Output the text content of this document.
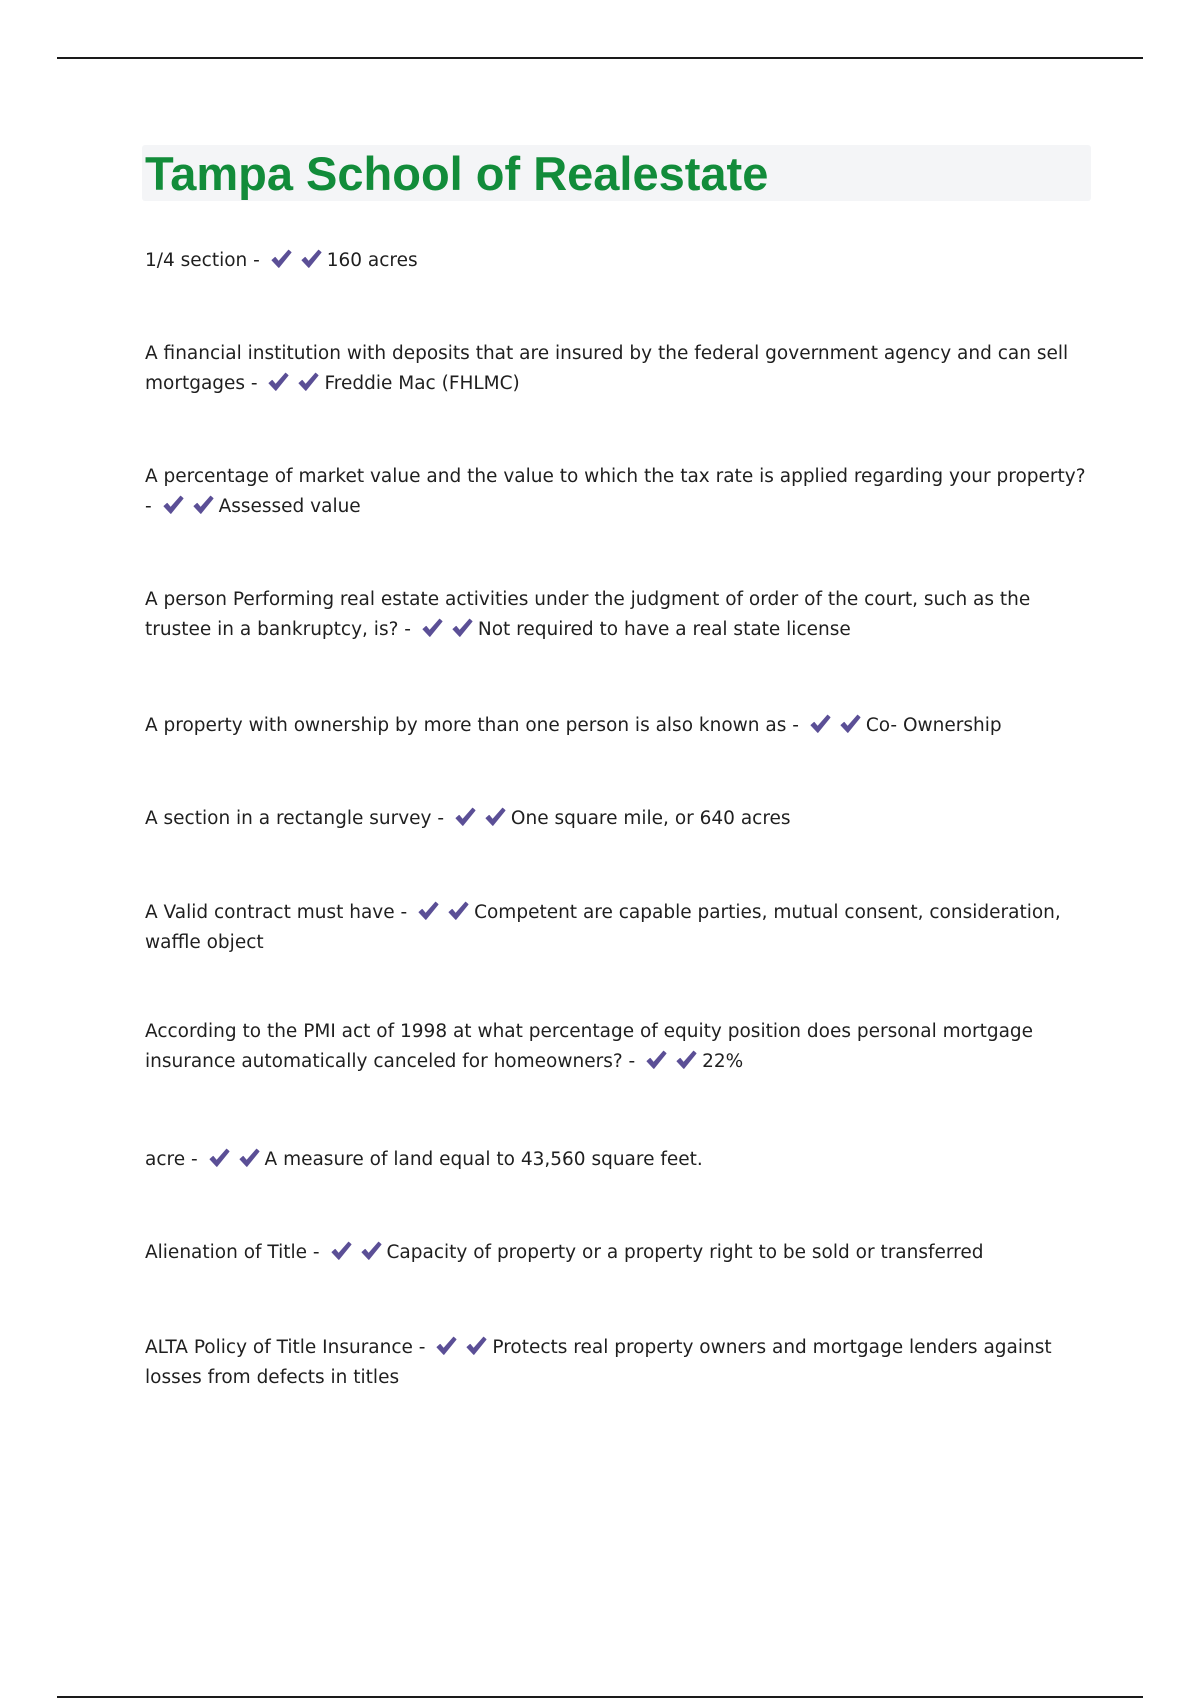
Tampa School of Realestate
1/4 section -	160 acres
A financial institution with deposits that are insured by the federal government agency and can sell mortgages -	Freddie Mac (FHLMC)
A percentage of market value and the value to which the tax rate is applied regarding your property? -	Assessed value
A person Performing real estate activities under the judgment of order of the court, such as the trustee in a bankruptcy, is? -	Not required to have a real state license
A property with ownership by more than one person is also known as -	Co- Ownership
A section in a rectangle survey -	One square mile, or 640 acres
A Valid contract must have -	Competent are capable parties, mutual consent, consideration, waffle object
According to the PMI act of 1998 at what percentage of equity position does personal mortgage insurance automatically canceled for homeowners? -	22%
acre -	A measure of land equal to 43,560 square feet.
Alienation of Title -	Capacity of property or a property right to be sold or transferred
ALTA Policy of Title Insurance -	Protects real property owners and mortgage lenders against losses from defects in titles
